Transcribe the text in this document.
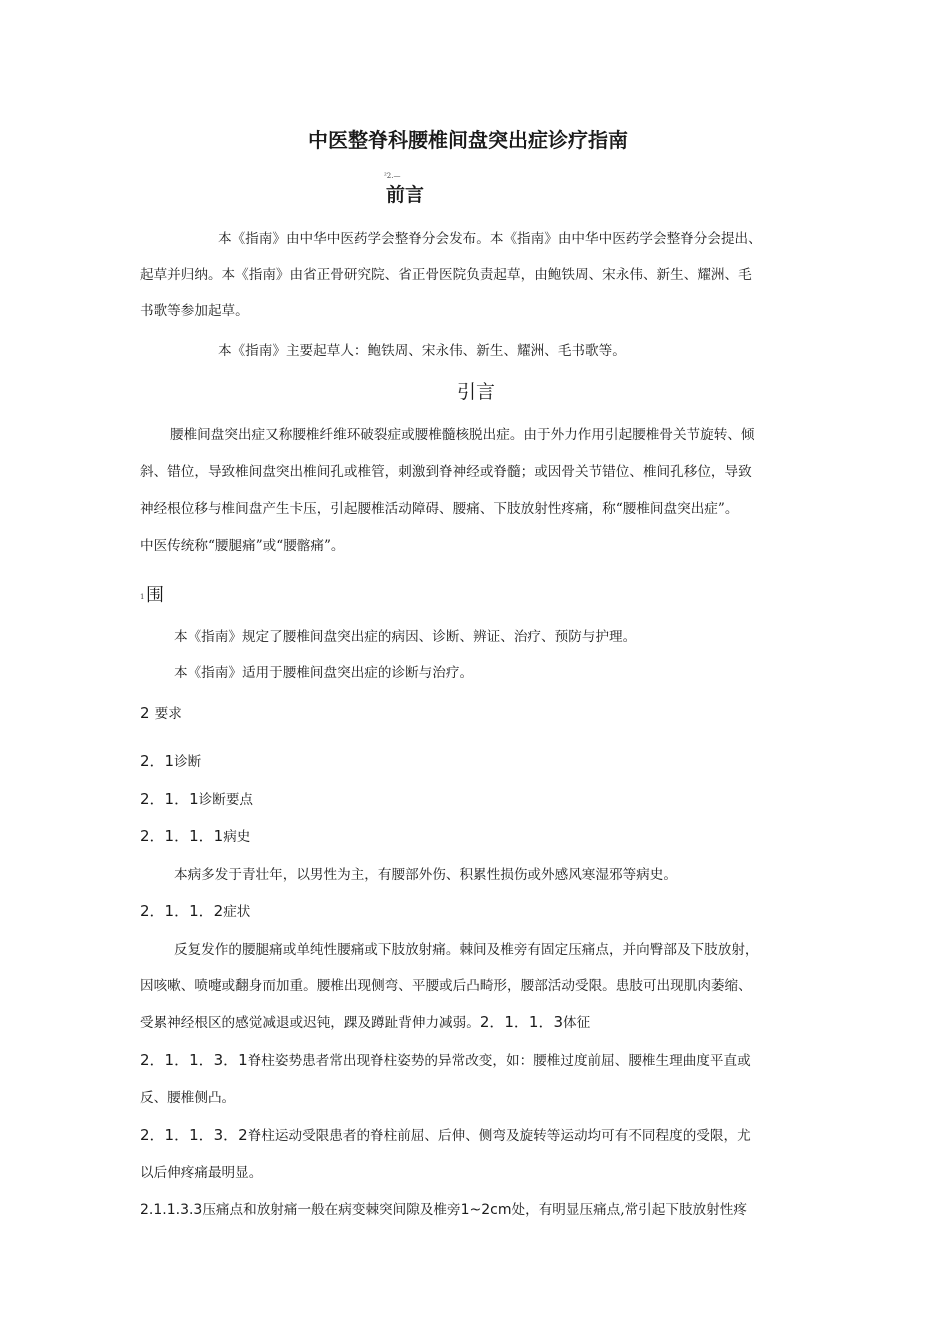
中医整脊科腰椎间盘突出症诊疗指南
²2.—
前言
本《指南》由中华中医药学会整脊分会发布。本《指南》由中华中医药学会整脊分会提出、
起草并归纳。本《指南》由省正骨研究院、省正骨医院负责起草，由鲍铁周、宋永伟、新生、耀洲、毛
书歌等参加起草。
本《指南》主要起草人：鲍铁周、宋永伟、新生、耀洲、毛书歌等。
引言
腰椎间盘突出症又称腰椎纤维环破裂症或腰椎髓核脱出症。由于外力作用引起腰椎骨关节旋转、倾
斜、错位，导致椎间盘突出椎间孔或椎管，刺激到脊神经或脊髓；或因骨关节错位、椎间孔移位，导致
神经根位移与椎间盘产生卡压，引起腰椎活动障碍、腰痛、下肢放射性疼痛，称“腰椎间盘突出症”。
中医传统称“腰腿痛”或“腰髂痛”。
1 围
本《指南》规定了腰椎间盘突出症的病因、诊断、辨证、治疗、预防与护理。
本《指南》适用于腰椎间盘突出症的诊断与治疗。
2 要求
2．1诊断
2．1．1诊断要点
2．1．1．1病史
本病多发于青壮年，以男性为主，有腰部外伤、积累性损伤或外感风寒湿邪等病史。
2．1．1．2症状
反复发作的腰腿痛或单纯性腰痛或下肢放射痛。棘间及椎旁有固定压痛点，并向臀部及下肢放射，
因咳嗽、喷嚏或翻身而加重。腰椎出现侧弯、平腰或后凸畸形，腰部活动受限。患肢可出现肌肉萎缩、
受累神经根区的感觉减退或迟钝，踝及蹲趾背伸力减弱。2．1．1．3体征
2．1．1．3．1脊柱姿势患者常出现脊柱姿势的异常改变，如：腰椎过度前屈、腰椎生理曲度平直或
反、腰椎侧凸。
2．1．1．3．2脊柱运动受限患者的脊柱前屈、后伸、侧弯及旋转等运动均可有不同程度的受限，尤
以后伸疼痛最明显。
2.1.1.3.3压痛点和放射痛一般在病变棘突间隙及椎旁1~2cm处，有明显压痛点,常引起下肢放射性疼
